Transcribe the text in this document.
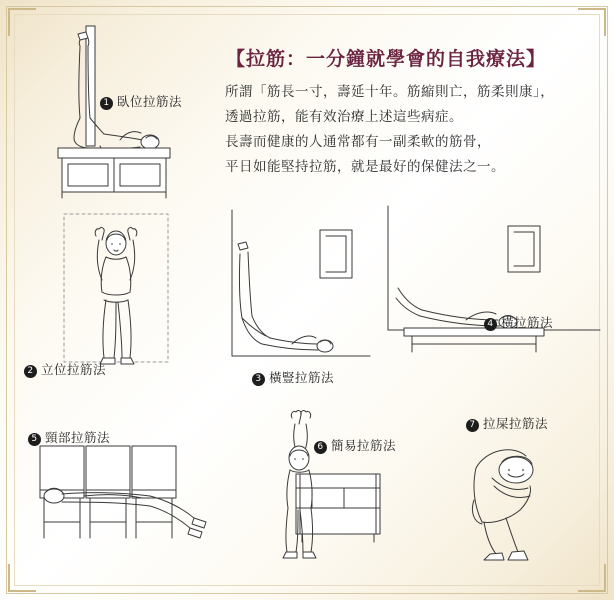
【拉筋：一分鐘就學會的自我療法】
所謂「筋長一寸，壽延十年。筋縮則亡，筋柔則康」，
透過拉筋，能有效治療上述這些病症。
長壽而健康的人通常都有一副柔軟的筋骨，
平日如能堅持拉筋，就是最好的保健法之一。
1 臥位拉筋法
2 立位拉筋法
3 橫豎拉筋法
4 橫拉筋法
5 頸部拉筋法
6 簡易拉筋法
7 拉屎拉筋法
